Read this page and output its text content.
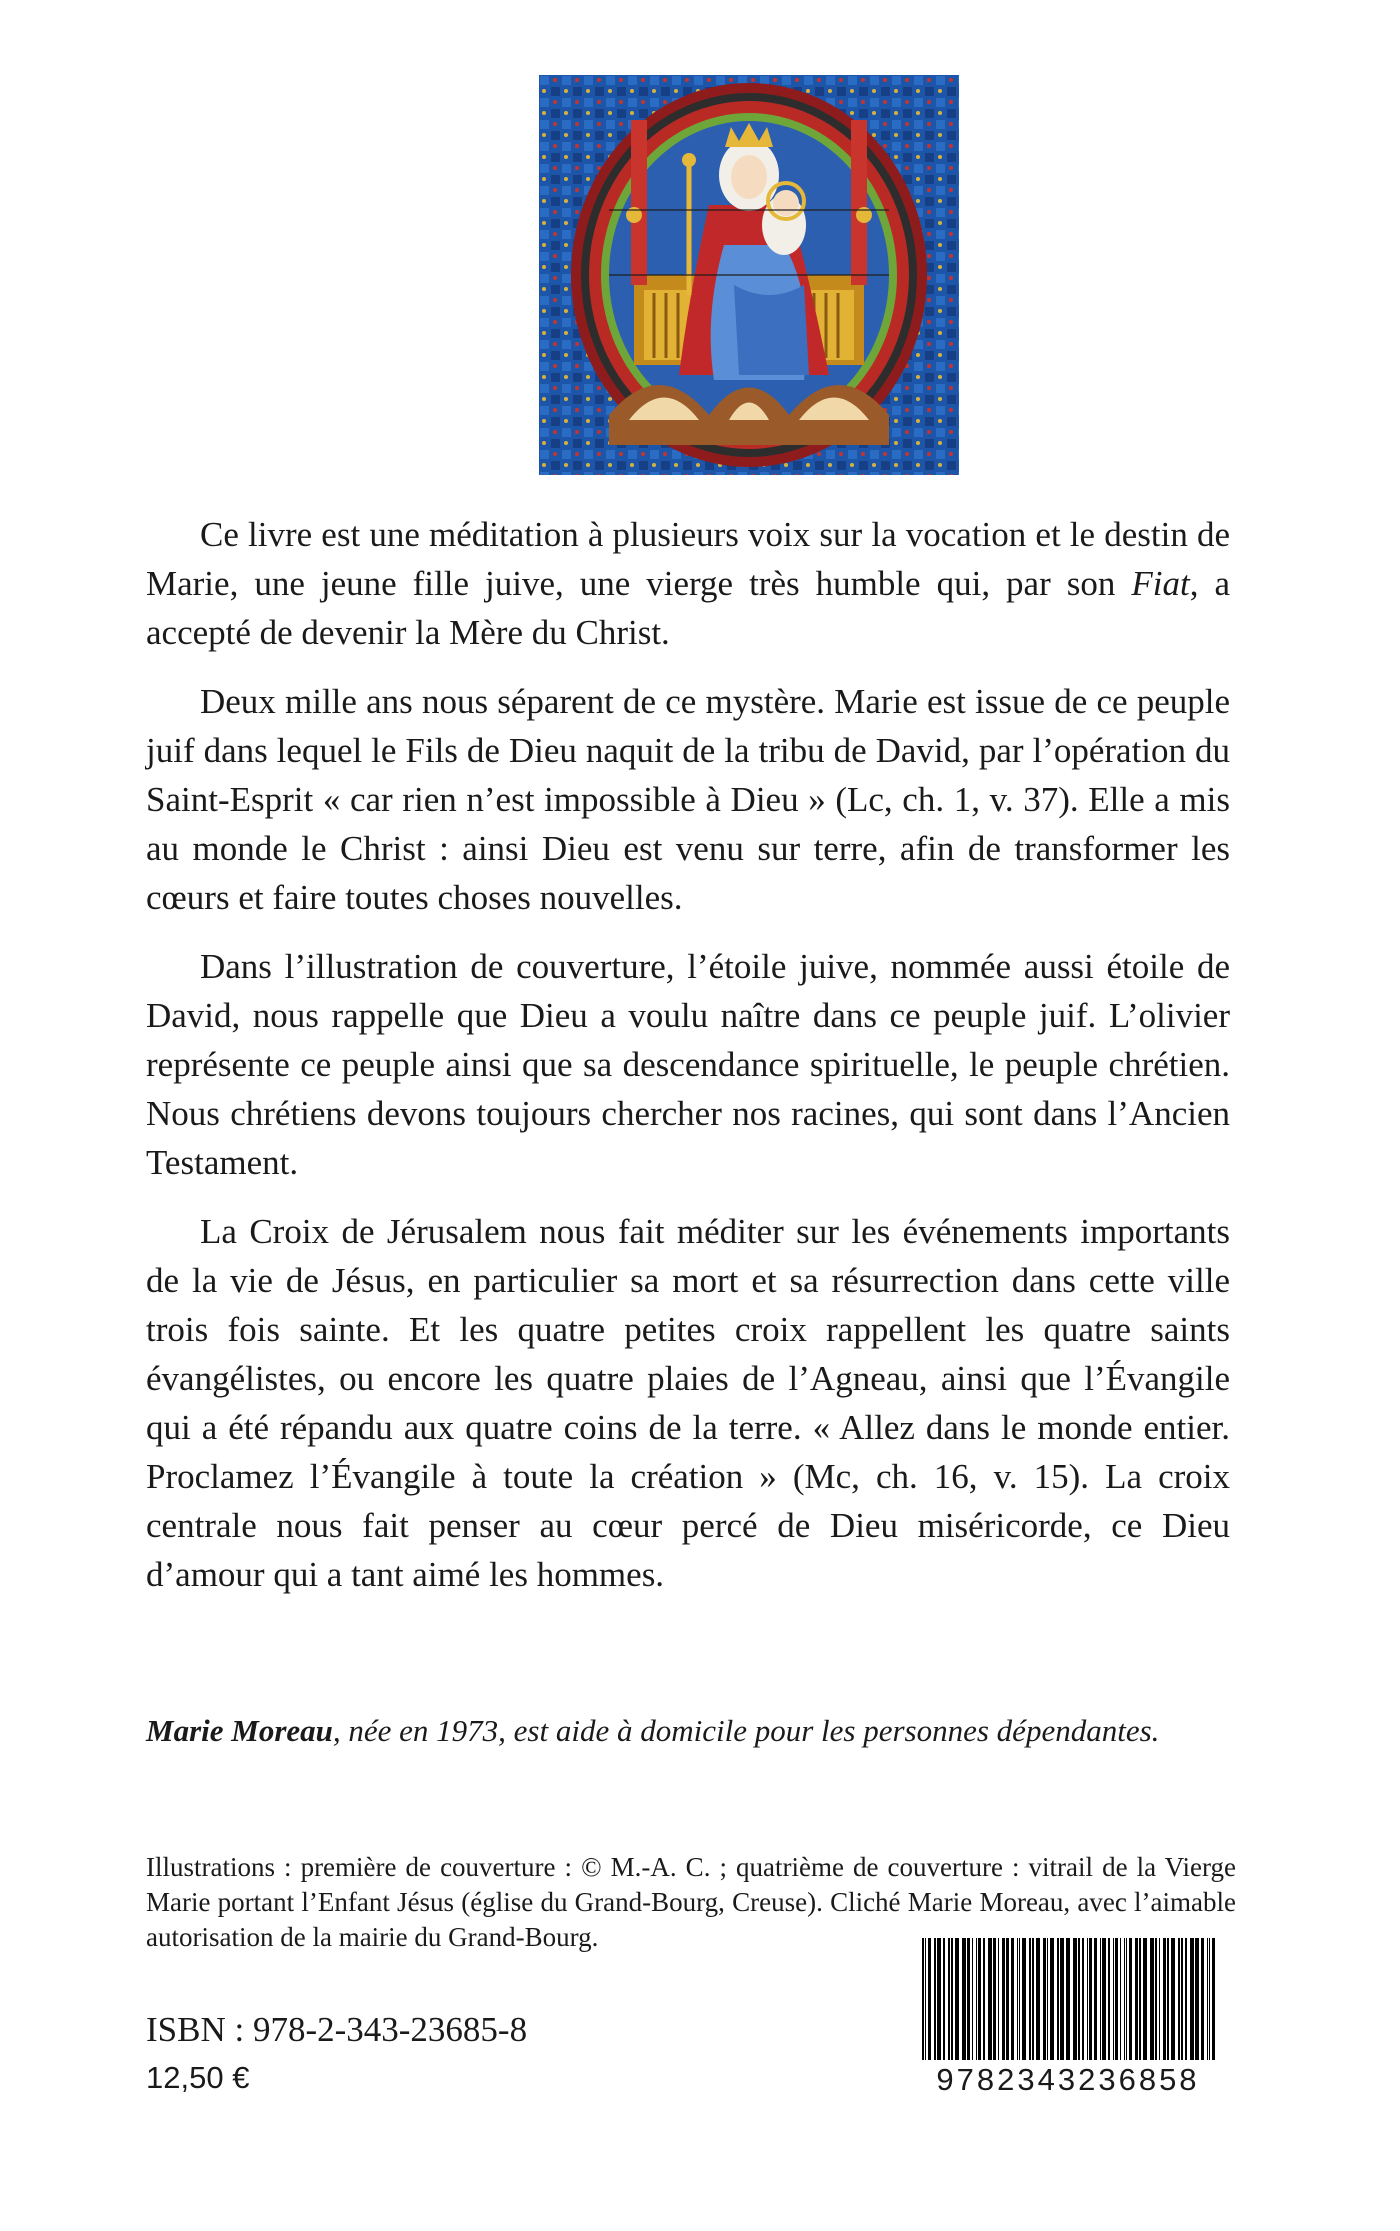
Ce livre est une méditation à plusieurs voix sur la vocation et le destin de Marie, une jeune fille juive, une vierge très humble qui, par son Fiat, a accepté de devenir la Mère du Christ.

Deux mille ans nous séparent de ce mystère. Marie est issue de ce peuple juif dans lequel le Fils de Dieu naquit de la tribu de David, par l’opération du Saint-Esprit « car rien n’est impossible à Dieu » (Lc, ch. 1, v. 37). Elle a mis au monde le Christ : ainsi Dieu est venu sur terre, afin de transformer les cœurs et faire toutes choses nouvelles.

Dans l’illustration de couverture, l’étoile juive, nommée aussi étoile de David, nous rappelle que Dieu a voulu naître dans ce peuple juif. L’olivier représente ce peuple ainsi que sa descendance spirituelle, le peuple chrétien. Nous chrétiens devons toujours chercher nos racines, qui sont dans l’Ancien Testament.

La Croix de Jérusalem nous fait méditer sur les événements importants de la vie de Jésus, en particulier sa mort et sa résurrection dans cette ville trois fois sainte. Et les quatre petites croix rappellent les quatre saints évangélistes, ou encore les quatre plaies de l’Agneau, ainsi que l’Évangile qui a été répandu aux quatre coins de la terre. « Allez dans le monde entier. Proclamez l’Évangile à toute la création » (Mc, ch. 16, v. 15). La croix centrale nous fait penser au cœur percé de Dieu miséricorde, ce Dieu d’amour qui a tant aimé les hommes.

Marie Moreau, née en 1973, est aide à domicile pour les personnes dépendantes.
Illustrations : première de couverture : © M.-A. C. ; quatrième de couverture : vitrail de la Vierge Marie portant l’Enfant Jésus (église du Grand-Bourg, Creuse). Cliché Marie Moreau, avec l’aimable autorisation de la mairie du Grand-Bourg.
ISBN : 978-2-343-23685-8
12,50 €	9782343236858
